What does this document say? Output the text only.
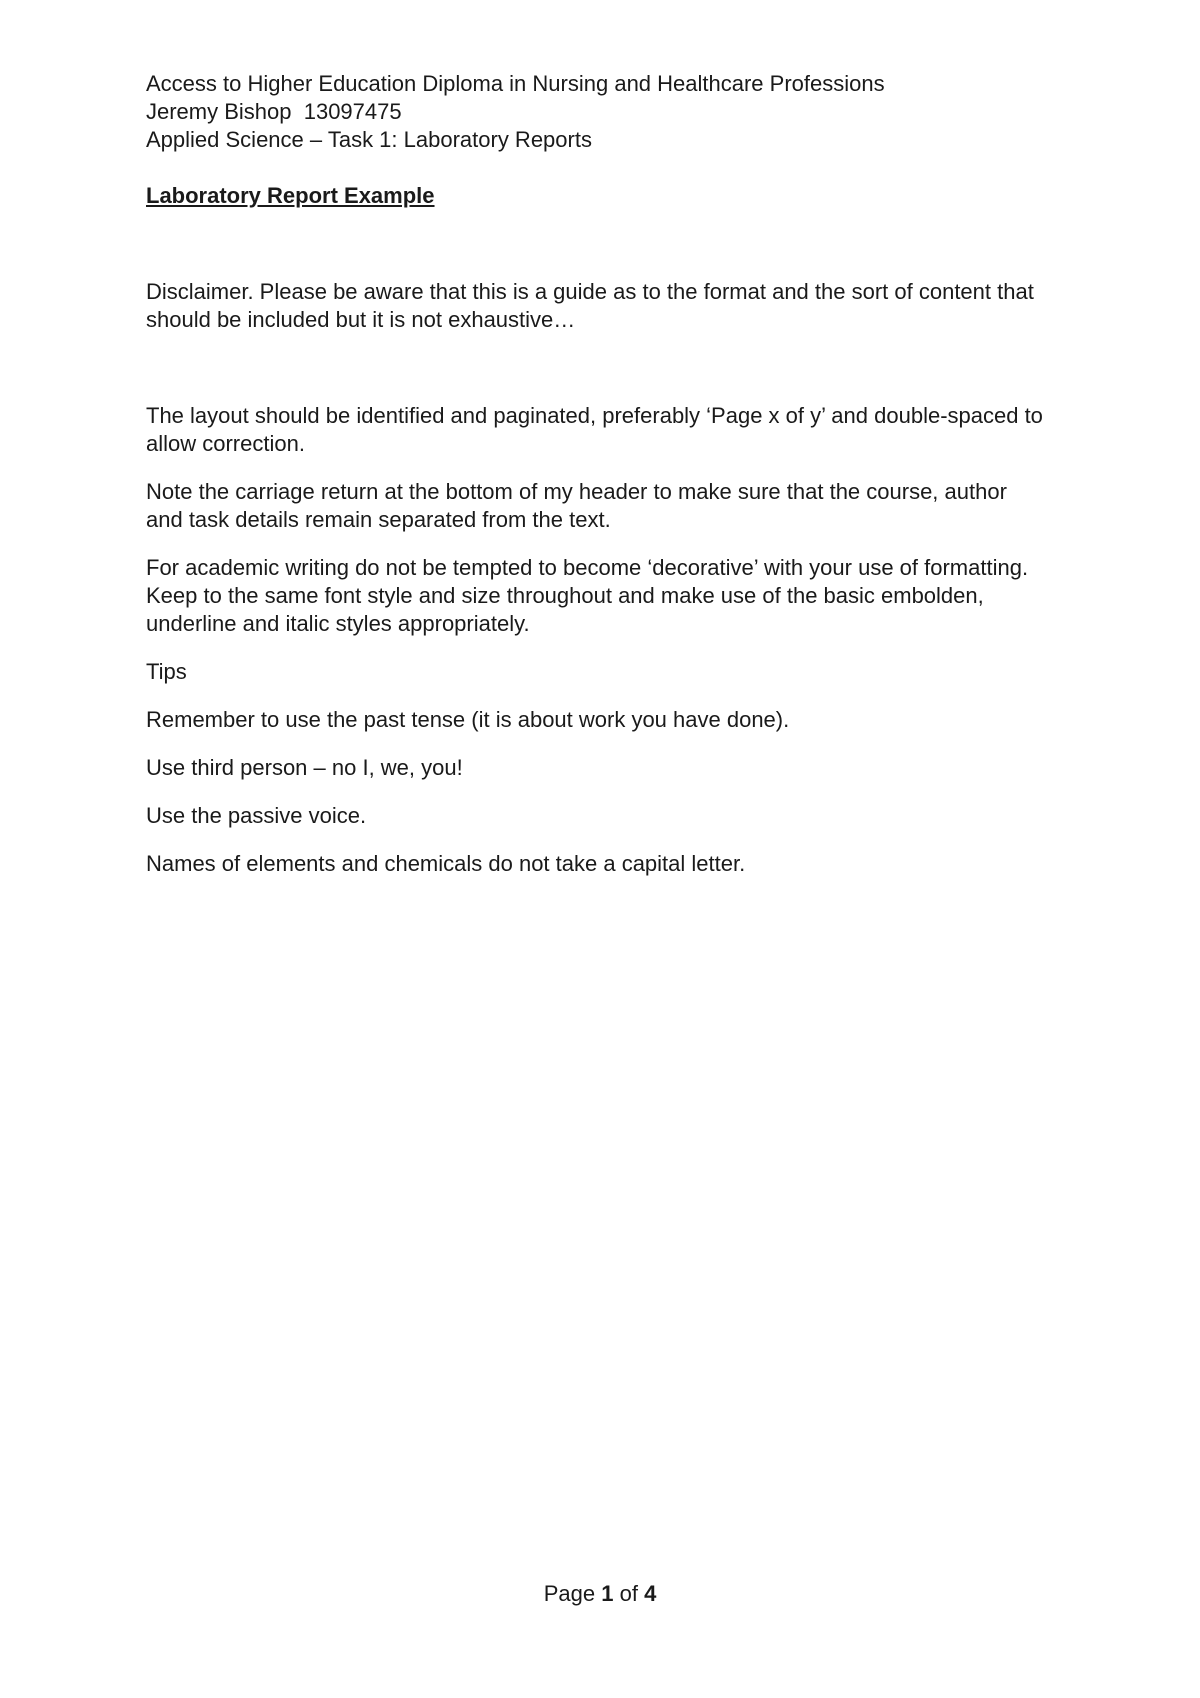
Access to Higher Education Diploma in Nursing and Healthcare Professions

Jeremy Bishop  13097475

Applied Science – Task 1: Laboratory Reports

Laboratory Report Example

Disclaimer. Please be aware that this is a guide as to the format and the sort of content that should be included but it is not exhaustive…

The layout should be identified and paginated, preferably ‘Page x of y’ and double-spaced to allow correction.

Note the carriage return at the bottom of my header to make sure that the course, author and task details remain separated from the text.

For academic writing do not be tempted to become ‘decorative’ with your use of formatting. Keep to the same font style and size throughout and make use of the basic embolden, underline and italic styles appropriately.

Tips

Remember to use the past tense (it is about work you have done).

Use third person – no I, we, you!

Use the passive voice.

Names of elements and chemicals do not take a capital letter.

Page 1 of 4
